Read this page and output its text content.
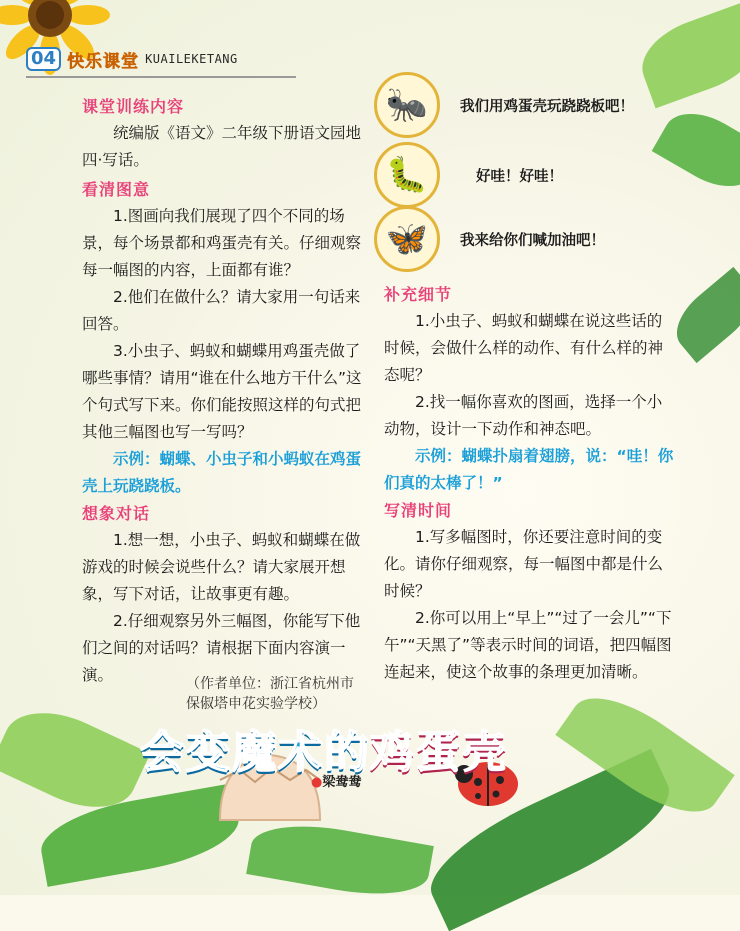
04 快乐课堂 KUAILEKETANG

课堂训练内容

统编版《语文》二年级下册语文园地四·写话。

看清图意

1.图画向我们展现了四个不同的场景，每个场景都和鸡蛋壳有关。仔细观察每一幅图的内容，上面都有谁？

2.他们在做什么？请大家用一句话来回答。

3.小虫子、蚂蚁和蝴蝶用鸡蛋壳做了哪些事情？请用“谁在什么地方干什么”这个句式写下来。你们能按照这样的句式把其他三幅图也写一写吗？

示例：蝴蝶、小虫子和小蚂蚁在鸡蛋壳上玩跷跷板。

想象对话

1.想一想，小虫子、蚂蚁和蝴蝶在做游戏的时候会说些什么？请大家展开想象，写下对话，让故事更有趣。

2.仔细观察另外三幅图，你能写下他们之间的对话吗？请根据下面内容演一演。	（作者单位：浙江省杭州市
保俶塔申花实验学校）
🐜	我们用鸡蛋壳玩跷跷板吧！
🐛	好哇！好哇！
🦋	我来给你们喊加油吧！

补充细节

1.小虫子、蚂蚁和蝴蝶在说这些话的时候，会做什么样的动作、有什么样的神态呢？

2.找一幅你喜欢的图画，选择一个小动物，设计一下动作和神态吧。

示例：蝴蝶扑扇着翅膀，说：“哇！你们真的太棒了！”

写清时间

1.写多幅图时，你还要注意时间的变化。请你仔细观察，每一幅图中都是什么时候？

2.你可以用上“早上”“过了一会儿”“下午”“天黑了”等表示时间的词语，把四幅图连起来，使这个故事的条理更加清晰。

会变魔术的鸡蛋壳
●梁鸯鸯
